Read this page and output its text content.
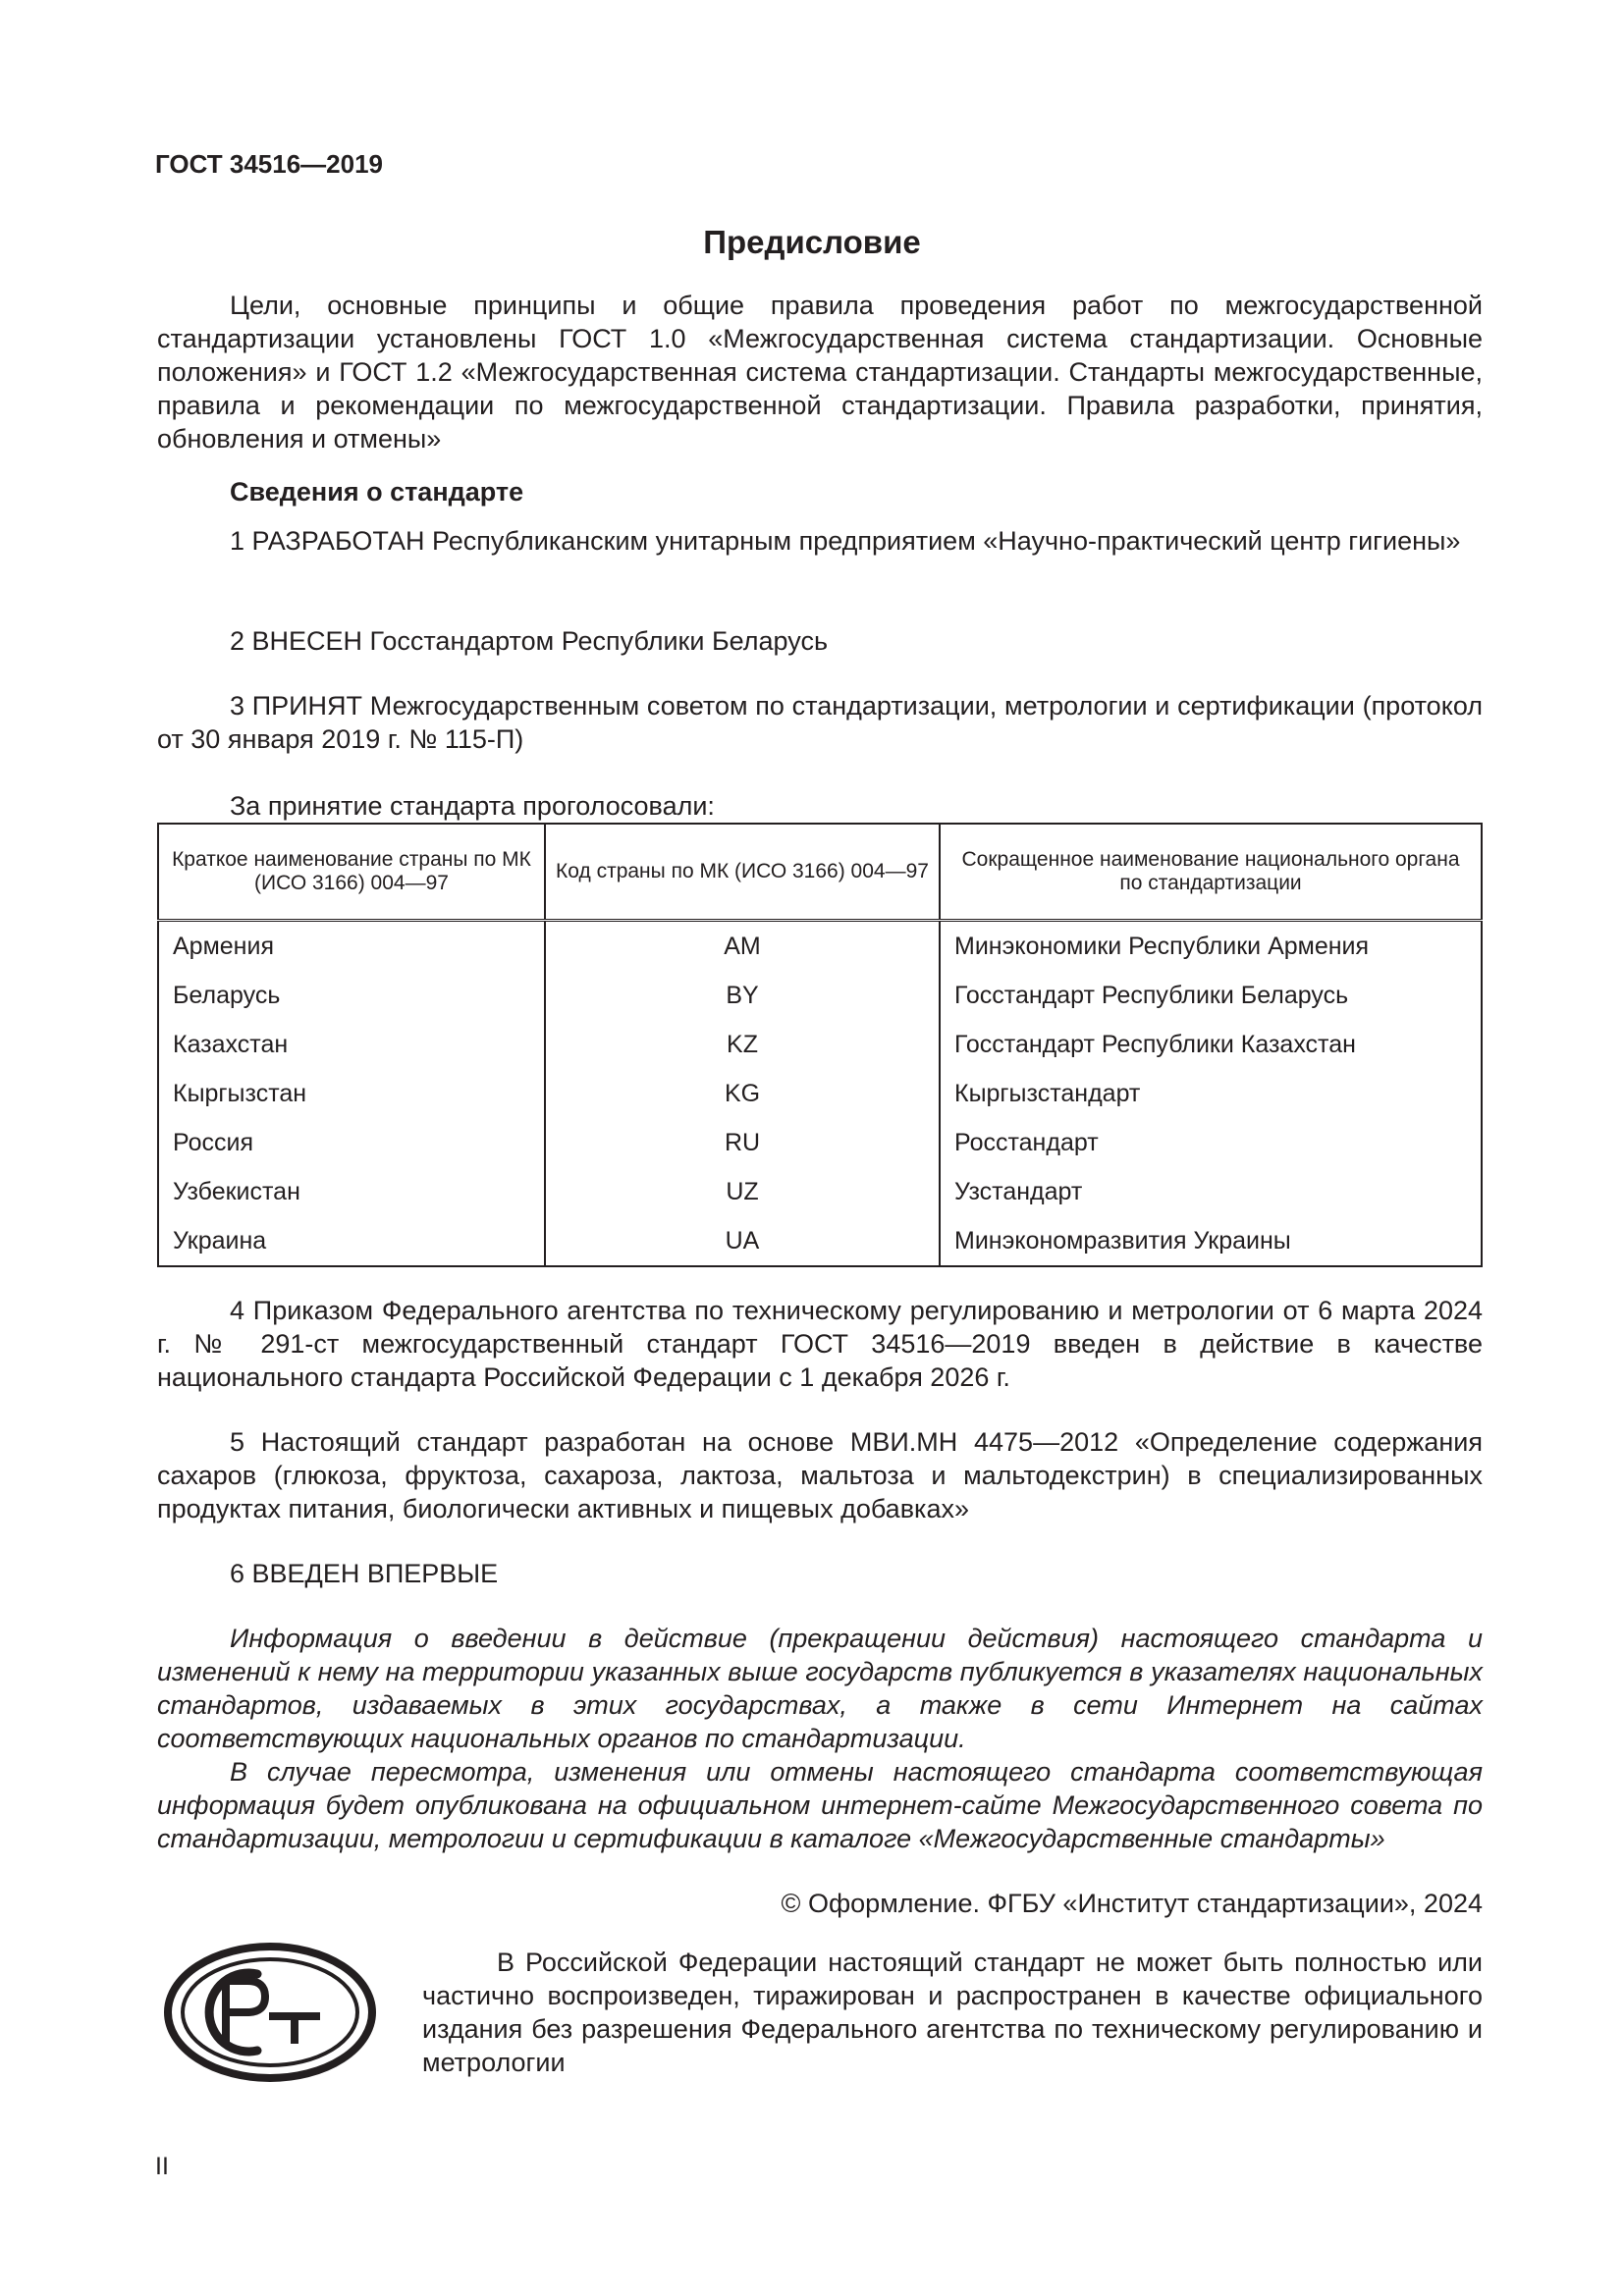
ГОСТ 34516—2019
Предисловие

Цели, основные принципы и общие правила проведения работ по межгосударственной стандартизации установлены ГОСТ 1.0 «Межгосударственная система стандартизации. Основные положения» и ГОСТ 1.2 «Межгосударственная система стандартизации. Стандарты межгосударственные, правила и рекомендации по межгосударственной стандартизации. Правила разработки, принятия, обновления и отмены»

Сведения о стандарте

1 РАЗРАБОТАН Республиканским унитарным предприятием «Научно-практический центр гигиены»

2 ВНЕСЕН Госстандартом Республики Беларусь

3 ПРИНЯТ Межгосударственным советом по стандартизации, метрологии и сертификации (протокол от 30 января 2019 г. № 115-П)

За принятие стандарта проголосовали:
Краткое наименование страны по МК (ИСО 3166) 004—97	Код страны по МК (ИСО 3166) 004—97	Сокращенное наименование национального органа по стандартизации
Армения	AM	Минэкономики Республики Армения
Беларусь	BY	Госстандарт Республики Беларусь
Казахстан	KZ	Госстандарт Республики Казахстан
Кыргызстан	KG	Кыргызстандарт
Россия	RU	Росстандарт
Узбекистан	UZ	Узстандарт
Украина	UA	Минэкономразвития Украины

4 Приказом Федерального агентства по техническому регулированию и метрологии от 6 марта 2024 г. № 291-ст межгосударственный стандарт ГОСТ 34516—2019 введен в действие в качестве национального стандарта Российской Федерации с 1 декабря 2026 г.

5 Настоящий стандарт разработан на основе МВИ.МН 4475—2012 «Определение содержания сахаров (глюкоза, фруктоза, сахароза, лактоза, мальтоза и мальтодекстрин) в специализированных продуктах питания, биологически активных и пищевых добавках»

6 ВВЕДЕН ВПЕРВЫЕ

Информация о введении в действие (прекращении действия) настоящего стандарта и изменений к нему на территории указанных выше государств публикуется в указателях национальных стандартов, издаваемых в этих государствах, а также в сети Интернет на сайтах соответствующих национальных органов по стандартизации.

В случае пересмотра, изменения или отмены настоящего стандарта соответствующая информация будет опубликована на официальном интернет-сайте Межгосударственного совета по стандартизации, метрологии и сертификации в каталоге «Межгосударственные стандарты»

© Оформление. ФГБУ «Институт стандартизации», 2024

В Российской Федерации настоящий стандарт не может быть полностью или частично воспроизведен, тиражирован и распространен в качестве официального издания без разрешения Федерального агентства по техническому регулированию и метрологии

II
